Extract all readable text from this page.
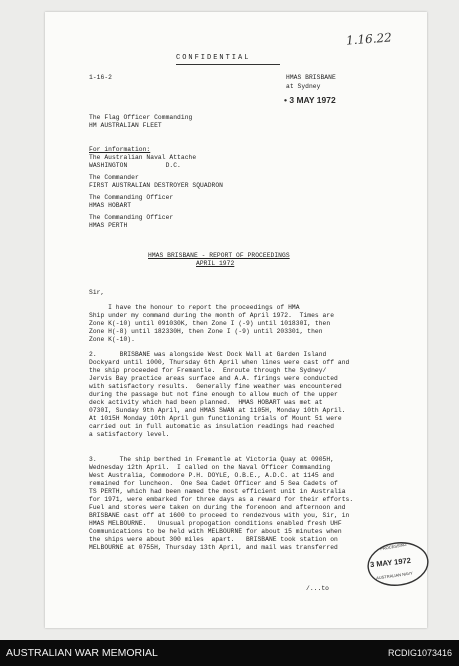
CONFIDENTIAL
1.16.22
1-16-2	HMAS BRISBANE
at Sydney
• 3 MAY 1972
The Flag Officer Commanding
HM AUSTRALIAN FLEET
For information:
The Australian Naval Attache
WASHINGTON          D.C.
The Commander
FIRST AUSTRALIAN DESTROYER SQUADRON
The Commanding Officer
HMAS HOBART
The Commanding Officer
HMAS PERTH
HMAS BRISBANE - REPORT OF PROCEEDINGS
APRIL 1972
Sir,
I have the honour to report the proceedings of HMA
Ship under my command during the month of April 1972.  Times are
Zone K(-10) until 091030K, then Zone I (-9) until 101830I, then
Zone H(-8) until 182330H, then Zone I (-9) until 203301, then
Zone K(-10).
2.      BRISBANE was alongside West Dock Wall at Garden Island
Dockyard until 1000, Thursday 6th April when lines were cast off and
the ship proceeded for Fremantle.  Enroute through the Sydney/
Jervis Bay practice areas surface and A.A. firings were conducted
with satisfactory results.  Generally fine weather was encountered
during the passage but not fine enough to allow much of the upper
deck activity which had been planned.  HMAS HOBART was met at
0730I, Sunday 9th April, and HMAS SWAN at 1105H, Monday 10th April.
At 1015H Monday 10th April gun functioning trials of Mount 51 were
carried out in full automatic as insulation readings had reached
a satisfactory level.
3.      The ship berthed in Fremantle at Victoria Quay at 0905H,
Wednesday 12th April.  I called on the Naval Officer Commanding
West Australia, Commodore P.H. DOYLE, O.B.E., A.D.C. at 1145 and
remained for luncheon.  One Sea Cadet Officer and 5 Sea Cadets of
TS PERTH, which had been named the most efficient unit in Australia
for 1971, were embarked for three days as a reward for their efforts.
Fuel and stores were taken on during the forenoon and afternoon and
BRISBANE cast off at 1600 to proceed to rendezvous with you, Sir, in
HMAS MELBOURNE.   Unusual propogation conditions enabled fresh UHF
Communications to be held with MELBOURNE for about 15 minutes when
the ships were about 300 miles  apart.   BRISBANE took station on
MELBOURNE at 0755H, Thursday 13th April, and mail was transferred
/...to
PROCESSING
3 MAY 1972
AUSTRALIAN NAVY
AUSTRALIAN WAR MEMORIAL	RCDIG1073416
